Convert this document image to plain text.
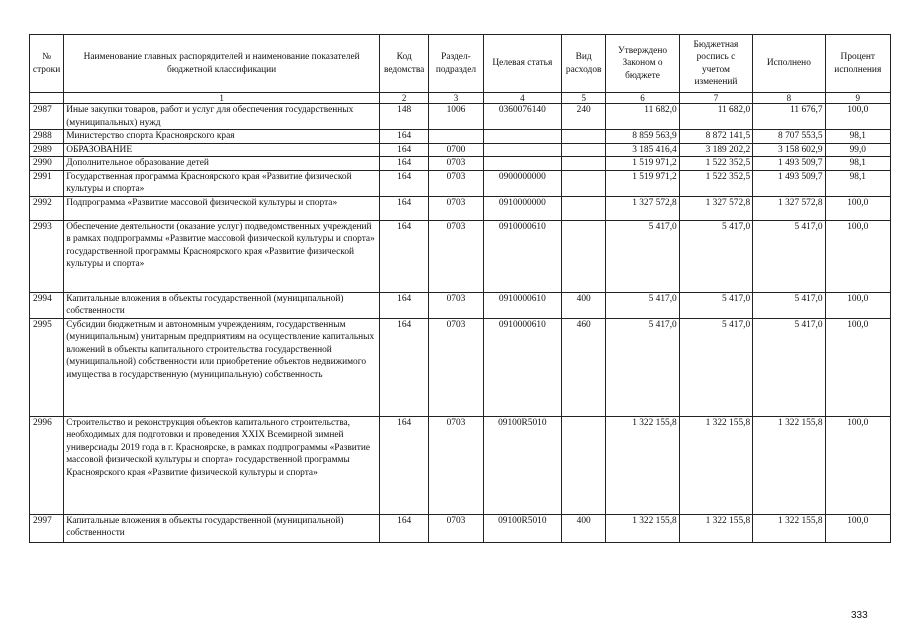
№ строки	Наименование главных распорядителей и наименование показателей бюджетной классификации	Код ведомства	Раздел-подраздел	Целевая статья	Вид расходов	Утверждено Законом о бюджете	Бюджетная роспись с учетом изменений	Исполнено	Процент исполнения
	1	2	3	4	5	6	7	8	9
2987	Иные закупки товаров, работ и услуг для обеспечения государственных (муниципальных) нужд	148	1006	0360076140	240	11 682,0	11 682,0	11 676,7	100,0
2988	Министерство спорта Красноярского края	164				8 859 563,9	8 872 141,5	8 707 553,5	98,1
2989	ОБРАЗОВАНИЕ	164	0700			3 185 416,4	3 189 202,2	3 158 602,9	99,0
2990	Дополнительное образование детей	164	0703			1 519 971,2	1 522 352,5	1 493 509,7	98,1
2991	Государственная программа Красноярского края «Развитие физической культуры и спорта»	164	0703	0900000000		1 519 971,2	1 522 352,5	1 493 509,7	98,1
2992	Подпрограмма «Развитие массовой физической культуры и спорта»	164	0703	0910000000		1 327 572,8	1 327 572,8	1 327 572,8	100,0
2993	Обеспечение деятельности (оказание услуг) подведомственных учреждений в рамках подпрограммы «Развитие массовой физической культуры и спорта» государственной программы Красноярского края «Развитие физической культуры и спорта»	164	0703	0910000610		5 417,0	5 417,0	5 417,0	100,0
2994	Капитальные вложения в объекты государственной (муниципальной) собственности	164	0703	0910000610	400	5 417,0	5 417,0	5 417,0	100,0
2995	Субсидии бюджетным и автономным учреждениям, государственным (муниципальным) унитарным предприятиям на осуществление капитальных вложений в объекты капитального строительства государственной (муниципальной) собственности или приобретение объектов недвижимого имущества в государственную (муниципальную) собственность	164	0703	0910000610	460	5 417,0	5 417,0	5 417,0	100,0
2996	Строительство и реконструкция объектов капитального строительства, необходимых для подготовки и проведения XXIX Всемирной зимней универсиады 2019 года в г. Красноярске, в рамках подпрограммы «Развитие массовой физической культуры и спорта» государственной программы Красноярского края «Развитие физической культуры и спорта»	164	0703	09100R5010		1 322 155,8	1 322 155,8	1 322 155,8	100,0
2997	Капитальные вложения в объекты государственной (муниципальной) собственности	164	0703	09100R5010	400	1 322 155,8	1 322 155,8	1 322 155,8	100,0
333
